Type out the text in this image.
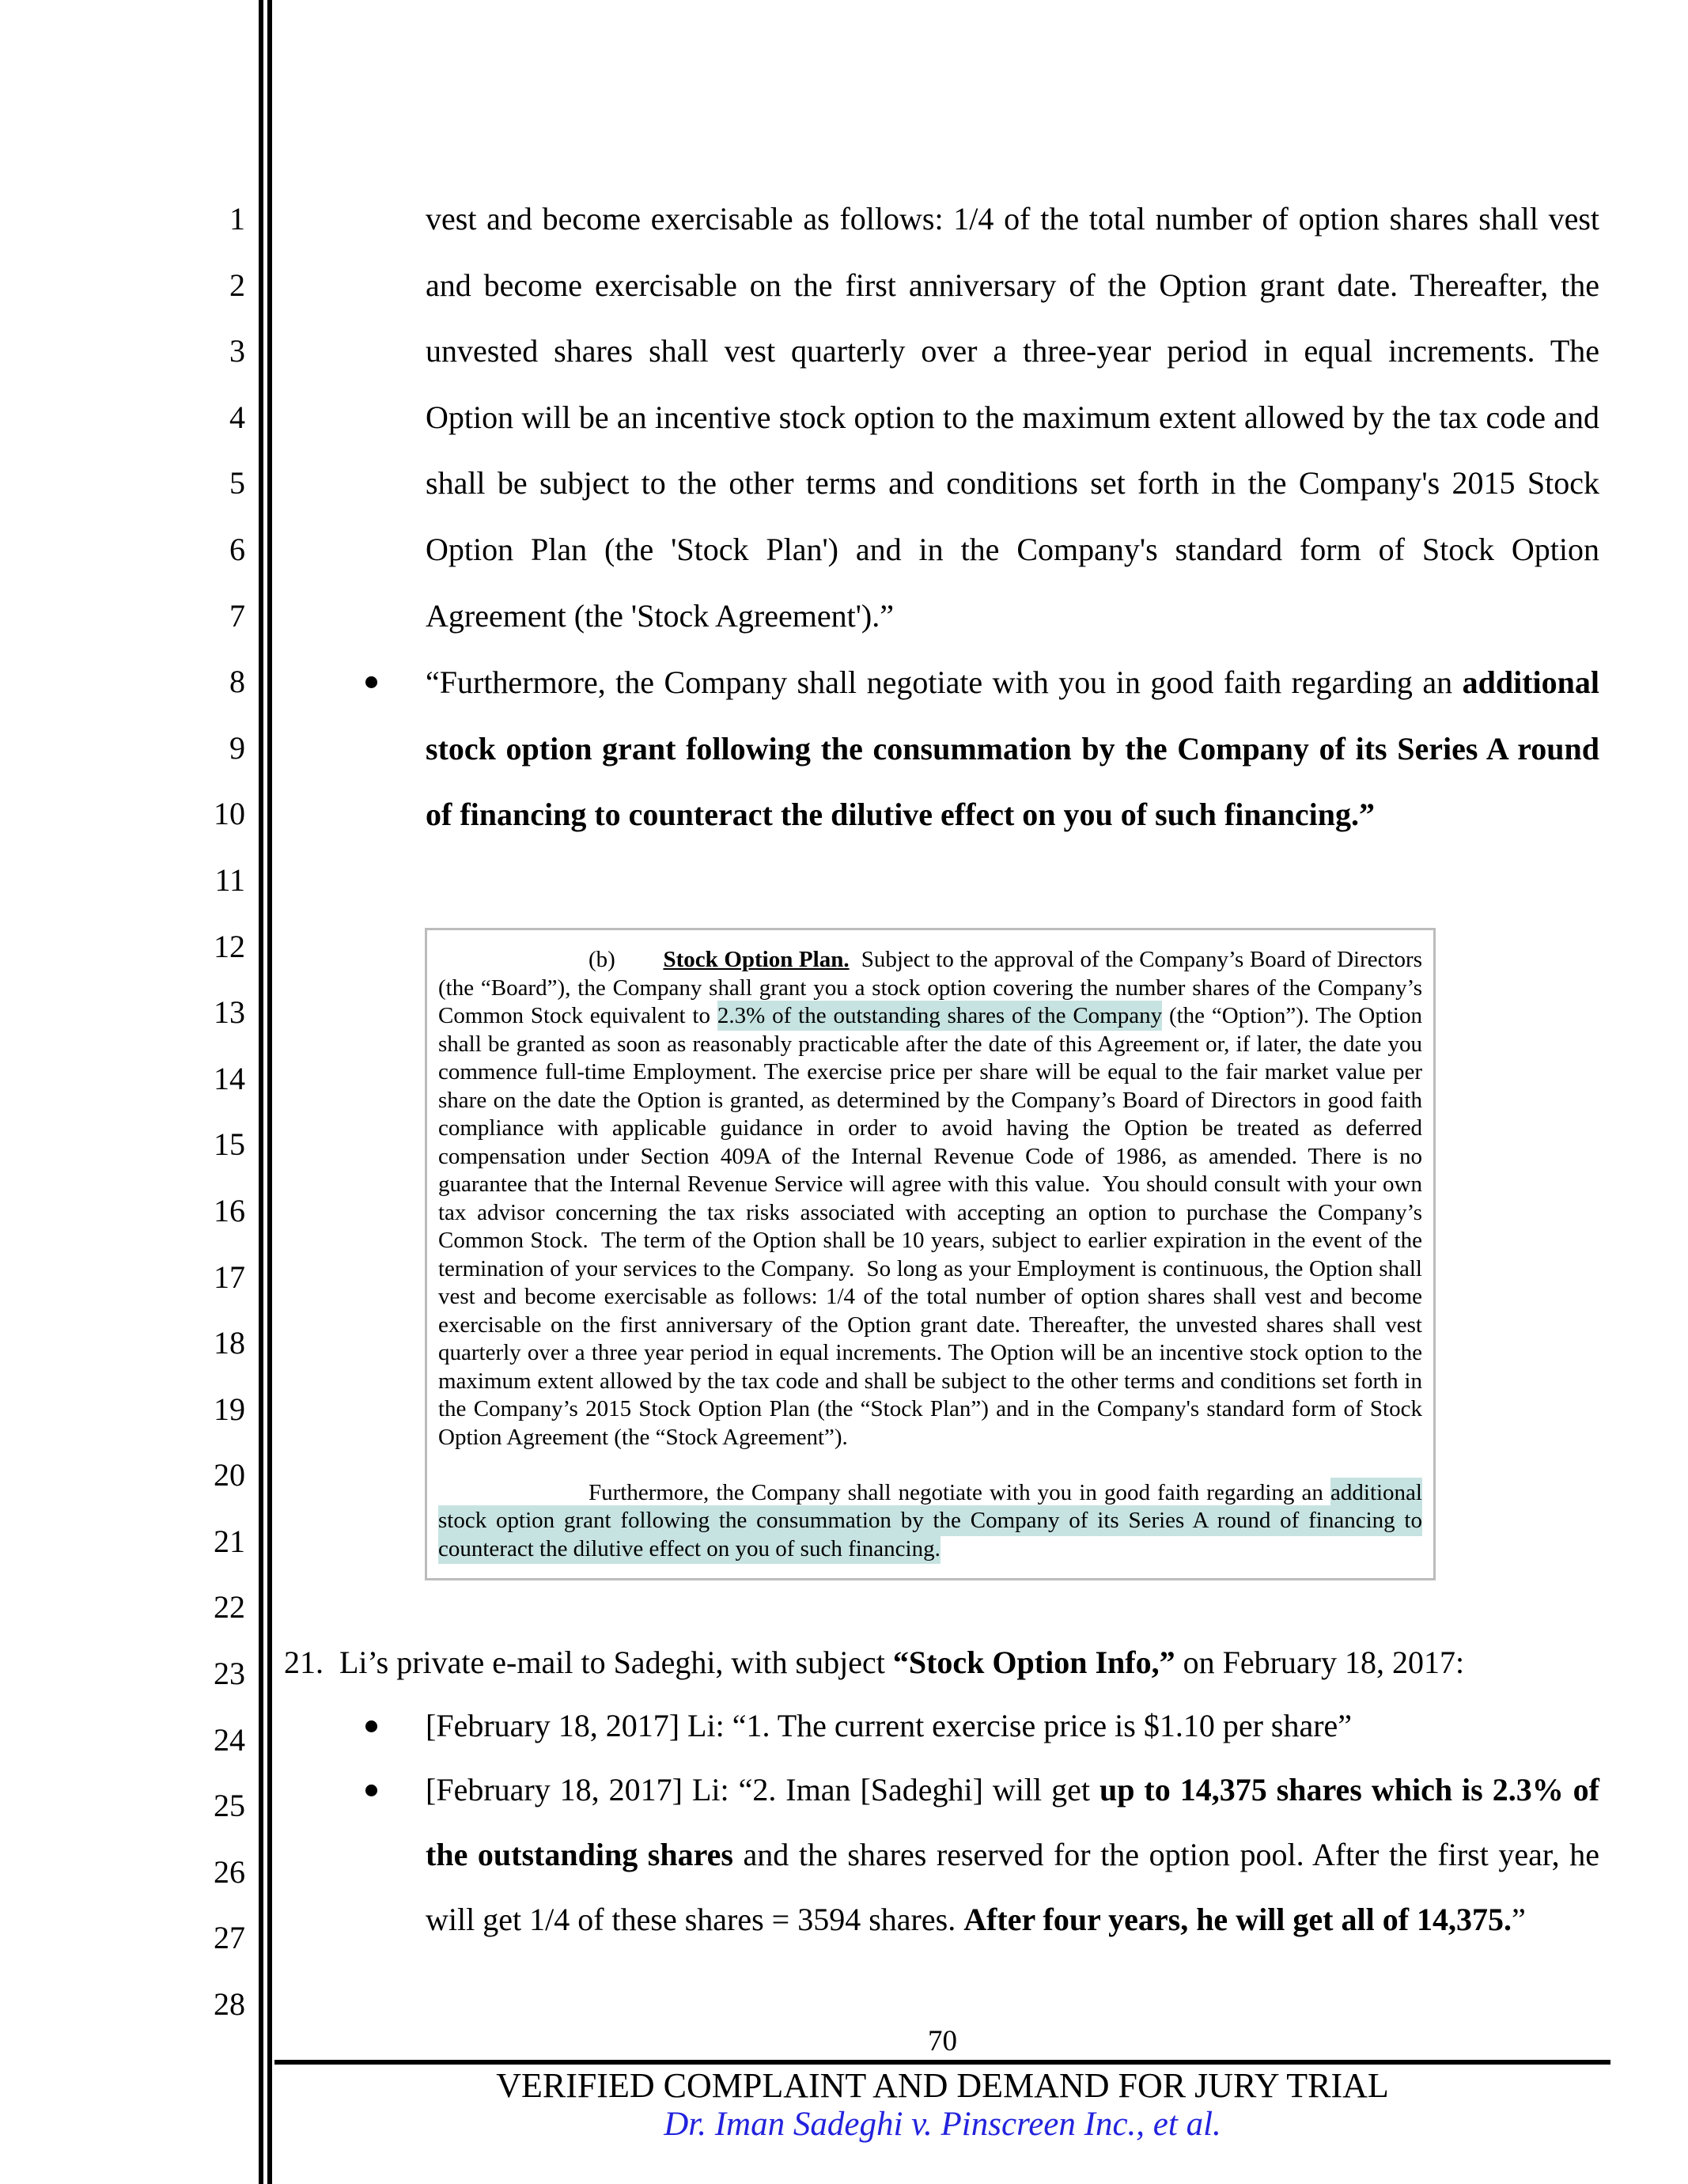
1
2
3
4
5
6
7
8
9
10
11
12
13
14
15
16
17
18
19
20
21
22
23
24
25
26
27
28
vest and become exercisable as follows: 1/4 of the total number of option shares shall vest and become exercisable on the first anniversary of the Option grant date. Thereafter, the unvested shares shall vest quarterly over a three-year period in equal increments. The Option will be an incentive stock option to the maximum extent allowed by the tax code and shall be subject to the other terms and conditions set forth in the Company's 2015 Stock Option Plan (the 'Stock Plan') and in the Company's standard form of Stock Option Agreement (the 'Stock Agreement').”
“Furthermore, the Company shall negotiate with you in good faith regarding an additional stock option grant following the consummation by the Company of its Series A round of financing to counteract the dilutive effect on you of such financing.”
(b)        Stock Option Plan.  Subject to the approval of the Company’s Board of Directors (the “Board”), the Company shall grant you a stock option covering the number shares of the Company’s Common Stock equivalent to 2.3% of the outstanding shares of the Company (the “Option”). The Option shall be granted as soon as reasonably practicable after the date of this Agreement or, if later, the date you commence full-time Employment. The exercise price per share will be equal to the fair market value per share on the date the Option is granted, as determined by the Company’s Board of Directors in good faith compliance with applicable guidance in order to avoid having the Option be treated as deferred compensation under Section 409A of the Internal Revenue Code of 1986, as amended. There is no guarantee that the Internal Revenue Service will agree with this value.  You should consult with your own tax advisor concerning the tax risks associated with accepting an option to purchase the Company’s Common Stock.  The term of the Option shall be 10 years, subject to earlier expiration in the event of the termination of your services to the Company.  So long as your Employment is continuous, the Option shall vest and become exercisable as follows: 1/4 of the total number of option shares shall vest and become exercisable on the first anniversary of the Option grant date. Thereafter, the unvested shares shall vest quarterly over a three year period in equal increments. The Option will be an incentive stock option to the maximum extent allowed by the tax code and shall be subject to the other terms and conditions set forth in the Company’s 2015 Stock Option Plan (the “Stock Plan”) and in the Company's standard form of Stock Option Agreement (the “Stock Agreement”).
Furthermore, the Company shall negotiate with you in good faith regarding an additional stock option grant following the consummation by the Company of its Series A round of financing to counteract the dilutive effect on you of such financing.
21.  Li’s private e-mail to Sadeghi, with subject “Stock Option Info,” on February 18, 2017:
[February 18, 2017] Li: “1. The current exercise price is $1.10 per share”
[February 18, 2017] Li: “2. Iman [Sadeghi] will get up to 14,375 shares which is 2.3% of the outstanding shares and the shares reserved for the option pool. After the first year, he will get 1/4 of these shares = 3594 shares. After four years, he will get all of 14,375.”
70
VERIFIED COMPLAINT AND DEMAND FOR JURY TRIAL
Dr. Iman Sadeghi v. Pinscreen Inc., et al.
